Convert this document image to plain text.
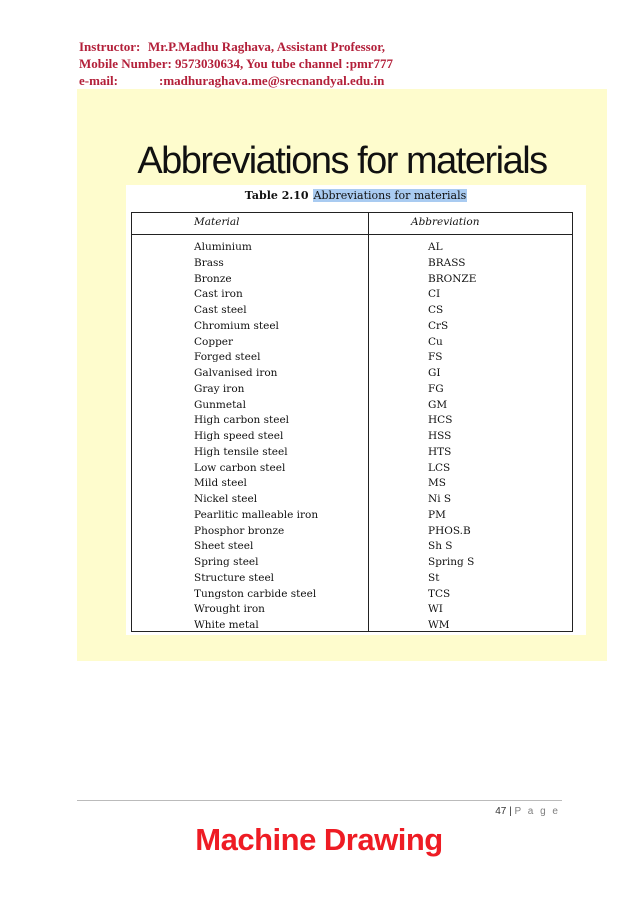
Instructor: Mr.P.Madhu Raghava, Assistant Professor,
Mobile Number: 9573030634, You tube channel :pmr777
e-mail:	:madhuraghava.me@srecnandyal.edu.in
Abbreviations for materials
Table 2.10 Abbreviations for materials
Material	Abbreviation
Aluminium	AL
Brass	BRASS
Bronze	BRONZE
Cast iron	CI
Cast steel	CS
Chromium steel	CrS
Copper	Cu
Forged steel	FS
Galvanised iron	GI
Gray iron	FG
Gunmetal	GM
High carbon steel	HCS
High speed steel	HSS
High tensile steel	HTS
Low carbon steel	LCS
Mild steel	MS
Nickel steel	Ni S
Pearlitic malleable iron	PM
Phosphor bronze	PHOS.B
Sheet steel	Sh S
Spring steel	Spring S
Structure steel	St
Tungston carbide steel	TCS
Wrought iron	WI
White metal	WM
47 | P a g e
Machine Drawing
